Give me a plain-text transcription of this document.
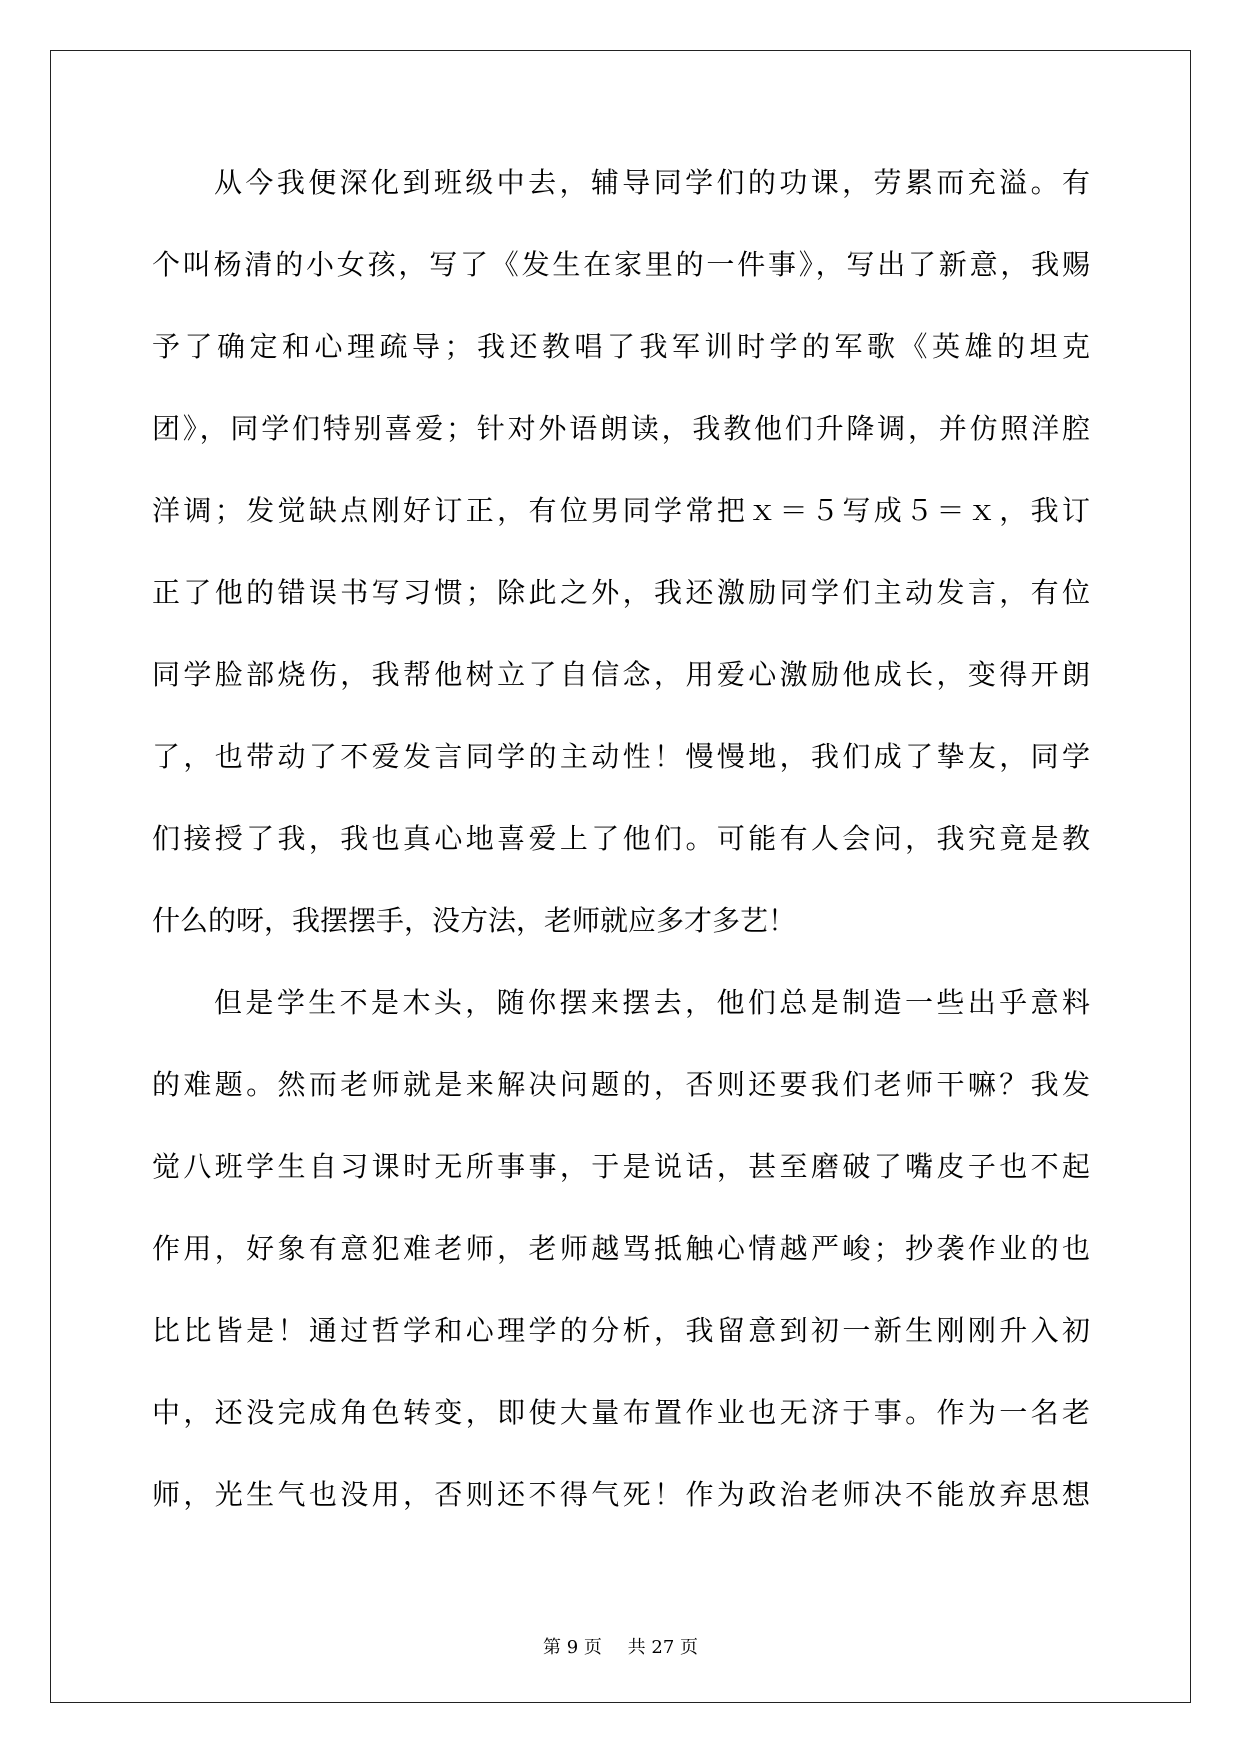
从今我便深化到班级中去，辅导同学们的功课，劳累而充溢。有
个叫杨清的小女孩，写了《发生在家里的一件事》，写出了新意，我赐
予了确定和心理疏导；我还教唱了我军训时学的军歌《英雄的坦克
团》，同学们特别喜爱；针对外语朗读，我教他们升降调，并仿照洋腔
洋调；发觉缺点刚好订正，有位男同学常把ｘ＝５写成５＝ｘ，我订
正了他的错误书写习惯；除此之外，我还激励同学们主动发言，有位
同学脸部烧伤，我帮他树立了自信念，用爱心激励他成长，变得开朗
了，也带动了不爱发言同学的主动性！慢慢地，我们成了挚友，同学
们接授了我，我也真心地喜爱上了他们。可能有人会问，我究竟是教
什么的呀，我摆摆手，没方法，老师就应多才多艺！
但是学生不是木头，随你摆来摆去，他们总是制造一些出乎意料
的难题。然而老师就是来解决问题的，否则还要我们老师干嘛？我发
觉八班学生自习课时无所事事，于是说话，甚至磨破了嘴皮子也不起
作用，好象有意犯难老师，老师越骂抵触心情越严峻；抄袭作业的也
比比皆是！通过哲学和心理学的分析，我留意到初一新生刚刚升入初
中，还没完成角色转变，即使大量布置作业也无济于事。作为一名老
师，光生气也没用，否则还不得气死！作为政治老师决不能放弃思想
第 9 页 共 27 页
